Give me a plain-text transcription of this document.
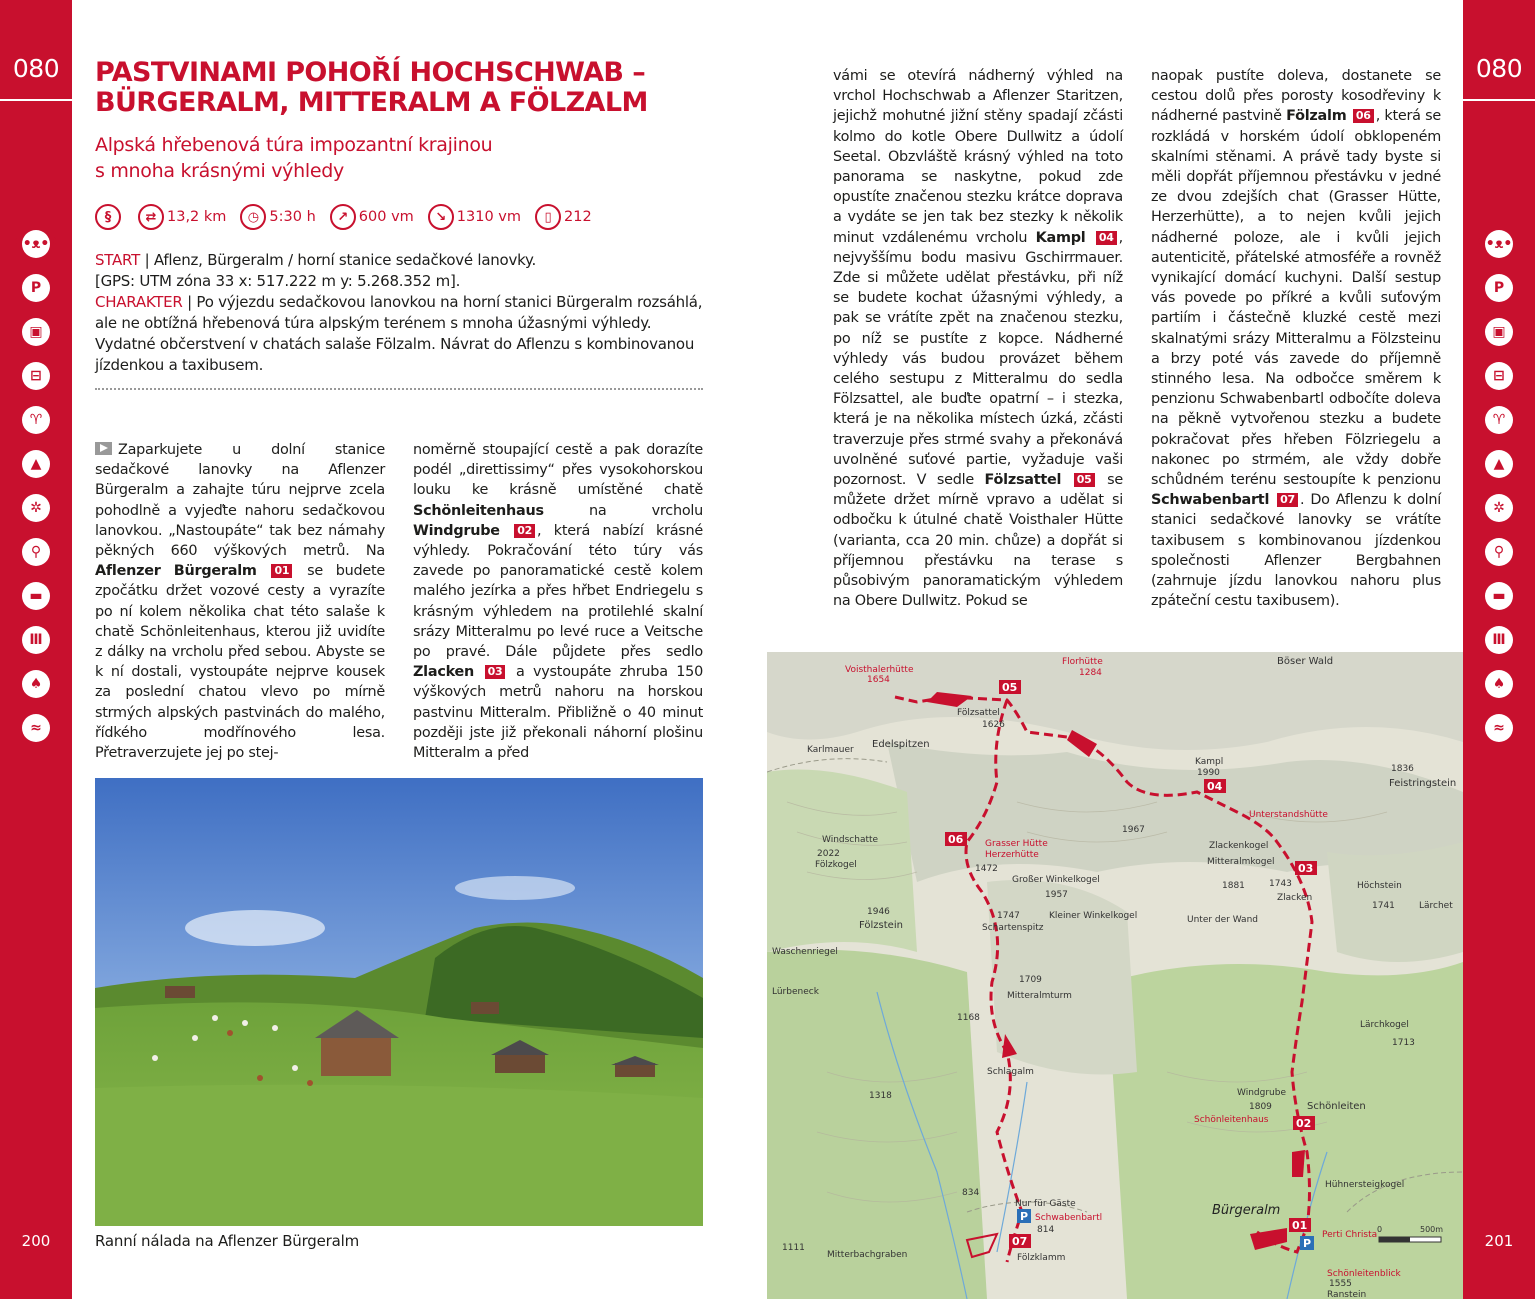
080
ʕ•ᴥ•ʔ
P
▣
⊟
♈
▲
✲
⚲
▬
Ⅲ
♠
≈
200
080
ʕ•ᴥ•ʔ
P
▣
⊟
♈
▲
✲
⚲
▬
Ⅲ
♠
≈
201
PASTVINAMI POHOŘÍ HOCHSCHWAB –
BÜRGERALM, MITTERALM A FÖLZALM
Alpská hřebenová túra impozantní krajinou
s mnoha krásnými výhledy
§	⇄ 13,2 km	◷ 5:30 h	↗ 600 vm	↘ 1310 vm	▯ 212
START | Aflenz, Bürgeralm / horní stanice sedačkové lanovky.
[GPS: UTM zóna 33 x: 517.222 m y: 5.268.352 m].
CHARAKTER | Po výjezdu sedačkovou lanovkou na horní stanici Bürgeralm rozsáhlá, ale ne obtížná hřebenová túra alpským terénem s mnoha úžasnými výhledy. Vydatné občerstvení v chatách salaše Fölzalm. Návrat do Aflenzu s kombinovanou jízdenkou a taxibusem.
Zaparkujete u dolní stanice sedačkové lanovky na Aflenzer Bürgeralm a zahajte túru nejprve zcela pohodlně a vyjeďte nahoru sedačkovou lanovkou. „Nastoupáte“ tak bez námahy pěkných 660 výškových metrů. Na Aflenzer Bürgeralm 01 se budete zpočátku držet vozové cesty a vyrazíte po ní kolem několika chat této salaše k chatě Schönleitenhaus, kterou již uvidíte z dálky na vrcholu před sebou. Abyste se k ní dostali, vystoupáte nejprve kousek za poslední chatou vlevo po mírně strmých alpských pastvinách do malého, řídkého modřínového lesa. Přetraverzujete jej po stej-
noměrně stoupající cestě a pak dorazíte podél „direttissimy“ přes vysokohorskou louku ke krásně umístěné chatě Schönleitenhaus	na vrcholu Windgrube 02 , která nabízí krásné výhledy. Pokračování této túry vás zavede po panoramatické cestě kolem malého jezírka a přes hřbet Endriegelu s krásným výhledem na protilehlé skalní srázy Mitteralmu po levé ruce a Veitsche po pravé. Dále půjdete přes sedlo Zlacken 03 a vystoupáte zhruba 150 výškových metrů nahoru na horskou pastvinu Mitteralm. Přibližně o 40 minut později jste již překonali náhorní plošinu Mitteralm a před
vámi se otevírá nádherný výhled na vrchol Hochschwab a Aflenzer Staritzen, jejichž mohutné jižní stěny spadají zčásti kolmo do kotle Obere Dullwitz a údolí Seetal. Obzvláště krásný výhled na toto panorama se naskytne, pokud zde opustíte značenou stezku krátce doprava a vydáte se jen tak bez stezky k několik minut vzdálenému vrcholu Kampl 04 , nejvyššímu bodu masivu Gschirrmauer. Zde si můžete udělat přestávku, při níž se budete kochat úžasnými výhledy, a pak se vrátíte zpět na značenou stezku, po níž se pustíte z kopce. Nádherné výhledy vás budou provázet během celého sestupu z Mitteralmu do sedla Fölzsattel, ale buďte opatrní – i stezka, která je na několika místech úzká, zčásti traverzuje přes strmé svahy a překonává uvolněné suťové partie, vyžaduje vaši pozornost. V sedle Fölzsattel 05 se můžete držet mírně vpravo a udělat si odbočku k útulné chatě Voisthaler Hütte (varianta, cca 20 min. chůze) a dopřát si příjemnou přestávku na terase s působivým panoramatickým výhledem na Obere Dullwitz. Pokud se
naopak pustíte doleva, dostanete se cestou dolů přes porosty kosodřeviny k nádherné pastvině Fölzalm 06 , která se rozkládá v horském údolí obklopeném skalními stěnami. A právě tady byste si měli dopřát příjemnou přestávku v jedné ze dvou zdejších chat (Grasser Hütte, Herzerhütte), a to nejen kvůli jejich nádherné poloze, ale i kvůli jejich autenticitě, přátelské atmosféře a rovněž vynikající domácí kuchyni. Další sestup vás povede po příkré a kvůli suťovým partiím i částečně kluzké cestě mezi skalnatými srázy Mitteralmu a Fölzsteinu a brzy poté vás zavede do příjemně stinného lesa. Na odbočce směrem k penzionu Schwabenbartl odbočíte doleva na pěkně vytvořenou stezku a budete pokračovat přes hřeben Fölzriegelu a nakonec po strmém, ale vždy dobře schůdném terénu sestoupíte k penzionu Schwabenbartl 07 . Do Aflenzu k dolní stanici sedačkové lanovky se vrátíte taxibusem s kombinovanou jízdenkou společnosti Aflenzer Bergbahnen (zahrnuje jízdu lanovkou nahoru plus zpáteční cestu taxibusem).
Ranní nálada na Aflenzer Bürgeralm
05
04
03
06
02
01
07
P
P
Voisthalerhütte
1654
Florhütte
1284
Unterstandshütte
Grasser Hütte
Herzerhütte
Schönleitenhaus
Schwabenbartl
Perti Christa
Schönleitenblick
Böser Wald
Fölzsattel
1626
Edelspitzen
Karlmauer
Kampl
1990	1836
Feistringstein
1967
1472
Zlackenkogel
Mitteralmkogel
1881
Windschatte
2022
Fölzkogel
Großer Winkelkogel
1957
1743
Zlacken
Höchstein
1741	Lärchet
1946
Fölzstein
1747
Schartenspitz
Kleiner Winkelkogel	Unter der Wand
1709
Mitteralmturm
Waschenriegel
Lürbeneck
1168
Lärchkogel
1713
Schlagalm
1318	Windgrube
1809	Schönleiten
Hühnersteigkogel
834
Nur für Gäste
814
Bürgeralm
Mitterbachgraben
1111
Fölzklamm
1555
Ranstein
0	500m
